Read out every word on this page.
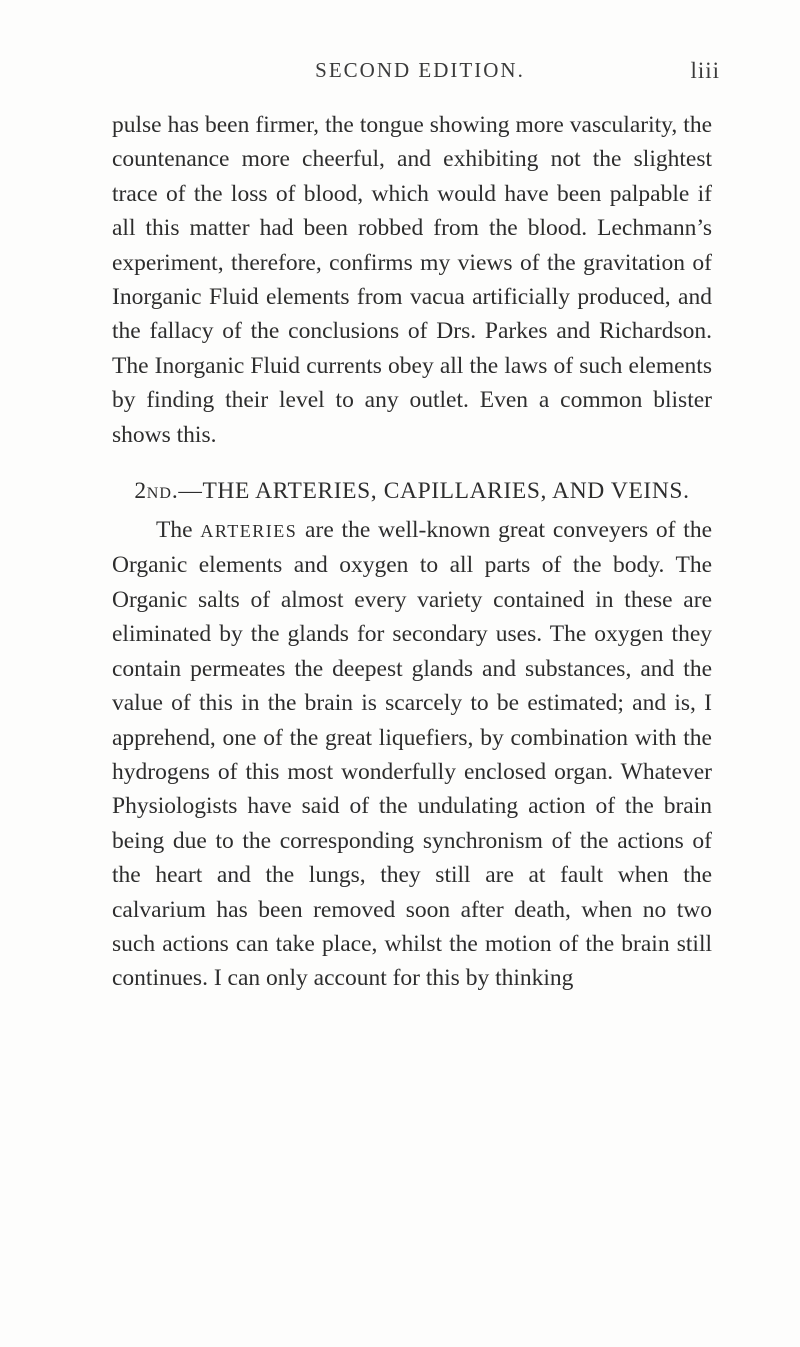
SECOND EDITION.	liii

pulse has been firmer, the tongue showing more vascularity, the countenance more cheerful, and exhibiting not the slightest trace of the loss of blood, which would have been palpable if all this matter had been robbed from the blood. Lechmann’s experiment, therefore, confirms my views of the gravitation of Inorganic Fluid elements from vacua artificially produced, and the fallacy of the conclusions of Drs. Parkes and Richardson. The Inorganic Fluid currents obey all the laws of such elements by finding their level to any outlet. Even a common blister shows this.

2ND.—THE ARTERIES, CAPILLARIES, AND VEINS.

The ARTERIES are the well-known great conveyers of the Organic elements and oxygen to all parts of the body. The Organic salts of almost every variety contained in these are eliminated by the glands for secondary uses. The oxygen they contain permeates the deepest glands and substances, and the value of this in the brain is scarcely to be estimated; and is, I apprehend, one of the great liquefiers, by combination with the hydrogens of this most wonderfully enclosed organ. Whatever Physiologists have said of the undulating action of the brain being due to the corresponding synchronism of the actions of the heart and the lungs, they still are at fault when the calvarium has been removed soon after death, when no two such actions can take place, whilst the motion of the brain still continues. I can only account for this by thinking
